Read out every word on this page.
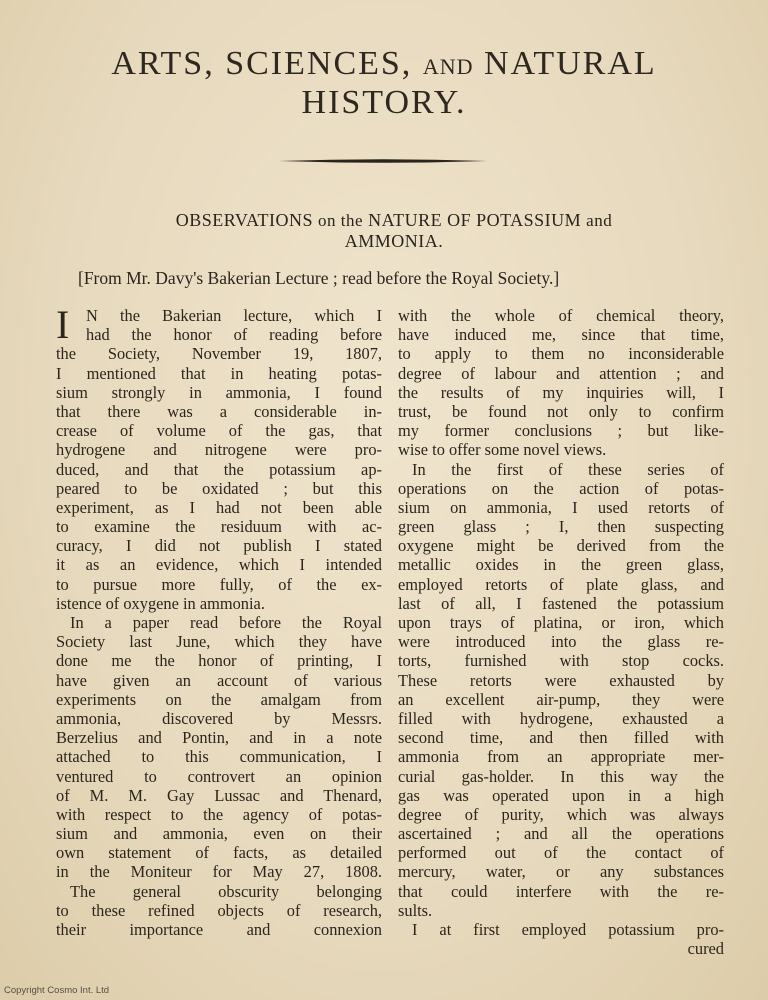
ARTS, SCIENCES, AND NATURAL
HISTORY.
OBSERVATIONS on the NATURE OF POTASSIUM and
AMMONIA.
[From Mr. Davy's Bakerian Lecture ; read before the Royal Society.]
I	N the Bakerian lecture, which I
had the honor of reading before
the Society, November 19, 1807,
I mentioned that in heating potas-
sium strongly in ammonia, I found
that there was a considerable in-
crease of volume of the gas, that
hydrogene and nitrogene were pro-
duced, and that the potassium ap-
peared to be oxidated ; but this
experiment, as I had not been able
to examine the residuum with ac-
curacy, I did not publish I stated
it as an evidence, which I intended
to pursue more fully, of the ex-
istence of oxygene in ammonia.
In a paper read before the Royal
Society last June, which they have
done me the honor of printing, I
have given an account of various
experiments on the amalgam from
ammonia, discovered by Messrs.
Berzelius and Pontin, and in a note
attached to this communication, I
ventured to controvert an opinion
of M. M. Gay Lussac and Thenard,
with respect to the agency of potas-
sium and ammonia, even on their
own statement of facts, as detailed
in the Moniteur for May 27, 1808.
The general obscurity belonging
to these refined objects of research,
their importance and connexion
with the whole of chemical theory,
have induced me, since that time,
to apply to them no inconsiderable
degree of labour and attention ; and
the results of my inquiries will, I
trust, be found not only to confirm
my former conclusions ; but like-
wise to offer some novel views.
In the first of these series of
operations on the action of potas-
sium on ammonia, I used retorts of
green glass ; I, then suspecting
oxygene might be derived from the
metallic oxides in the green glass,
employed retorts of plate glass, and
last of all, I fastened the potassium
upon trays of platina, or iron, which
were introduced into the glass re-
torts, furnished with stop cocks.
These retorts were exhausted by
an excellent air-pump, they were
filled with hydrogene, exhausted a
second time, and then filled with
ammonia from an appropriate mer-
curial gas-holder. In this way the
gas was operated upon in a high
degree of purity, which was always
ascertained ; and all the operations
performed out of the contact of
mercury, water, or any substances
that could interfere with the re-
sults.
I at first employed potassium pro-
cured
Copyright Cosmo Int. Ltd
